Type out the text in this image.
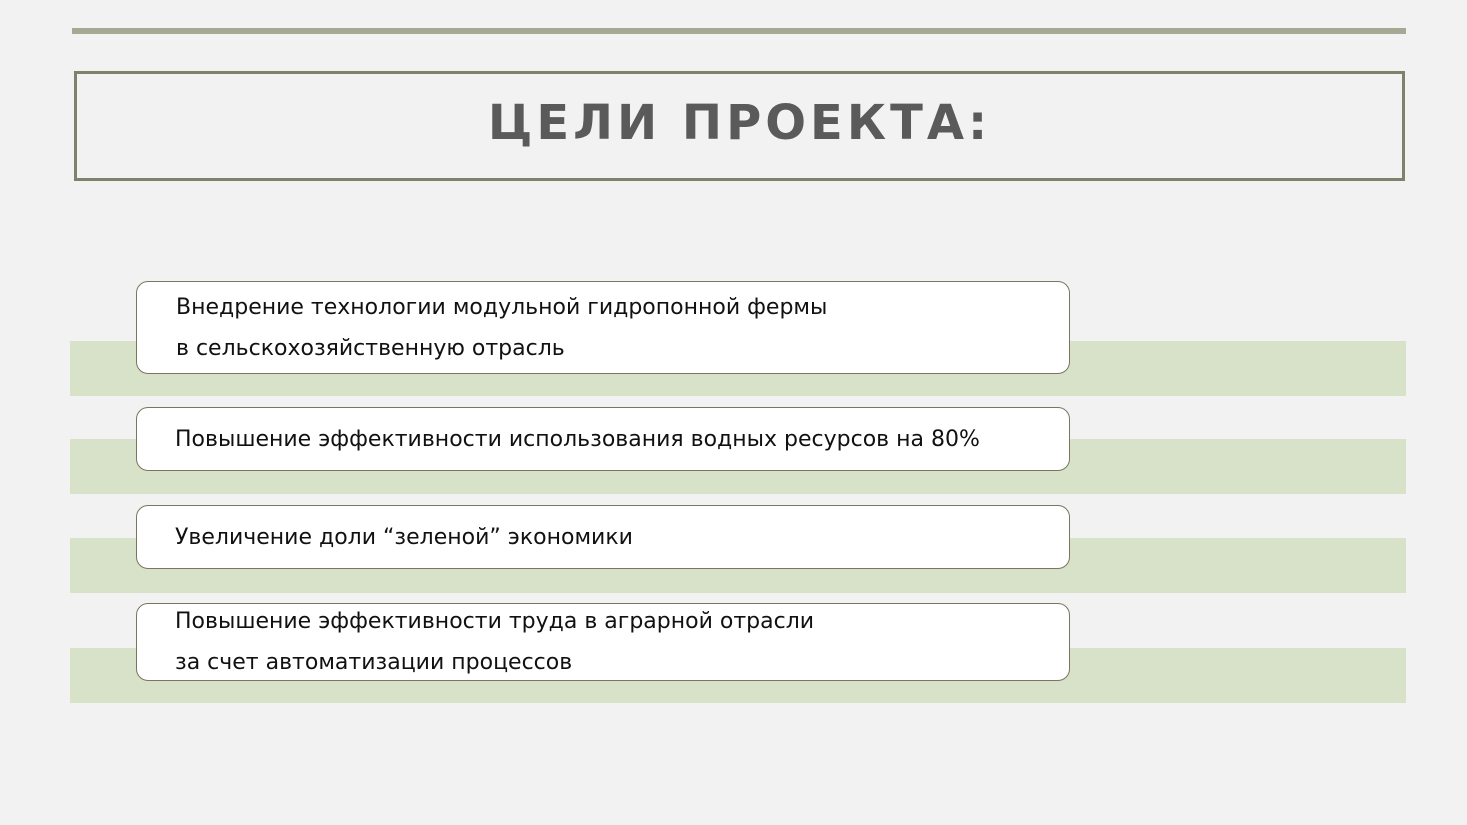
ЦЕЛИ ПРОЕКТА:
Внедрение технологии модульной гидропонной фермы
в сельскохозяйственную отрасль
Повышение эффективности использования водных ресурсов на 80%
Увеличение доли “зеленой” экономики
Повышение эффективности труда в аграрной отрасли
за счет автоматизации процессов
